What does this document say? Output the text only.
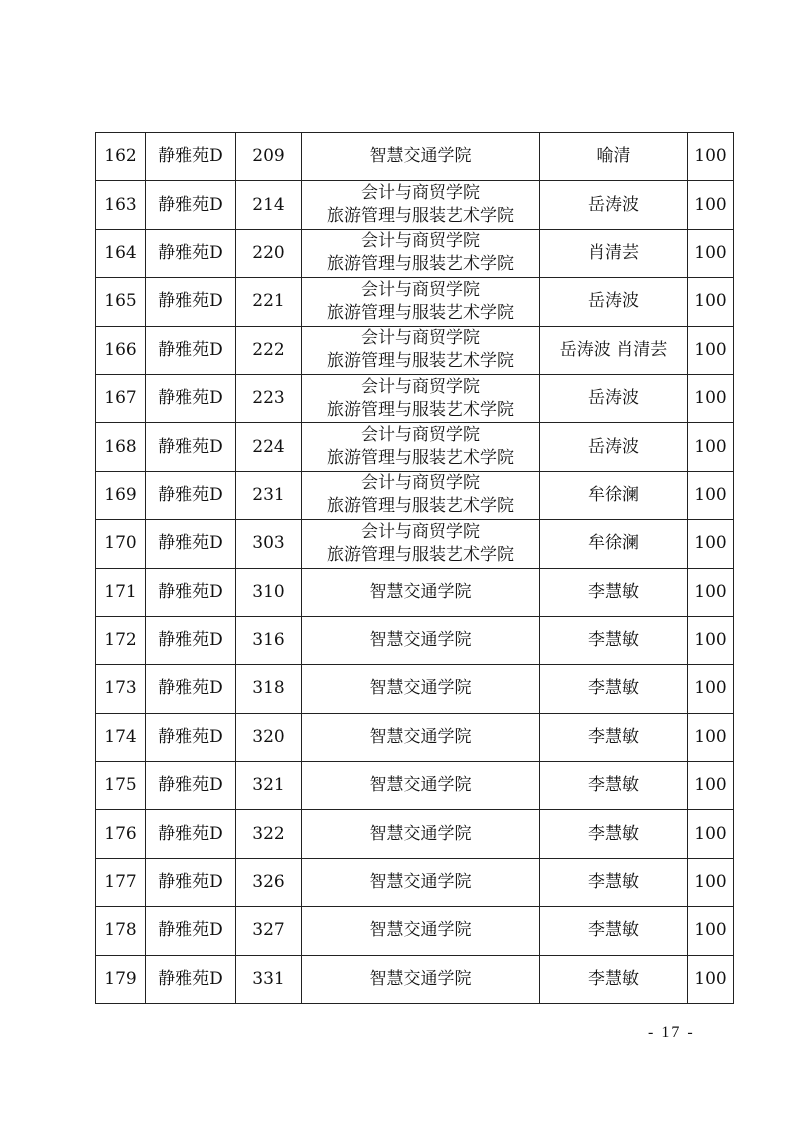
162	静雅苑D	209	智慧交通学院	喻清	100
163	静雅苑D	214	会计与商贸学院
旅游管理与服装艺术学院	岳涛波	100
164	静雅苑D	220	会计与商贸学院
旅游管理与服装艺术学院	肖清芸	100
165	静雅苑D	221	会计与商贸学院
旅游管理与服装艺术学院	岳涛波	100
166	静雅苑D	222	会计与商贸学院
旅游管理与服装艺术学院	岳涛波 肖清芸	100
167	静雅苑D	223	会计与商贸学院
旅游管理与服装艺术学院	岳涛波	100
168	静雅苑D	224	会计与商贸学院
旅游管理与服装艺术学院	岳涛波	100
169	静雅苑D	231	会计与商贸学院
旅游管理与服装艺术学院	牟徐澜	100
170	静雅苑D	303	会计与商贸学院
旅游管理与服装艺术学院	牟徐澜	100
171	静雅苑D	310	智慧交通学院	李慧敏	100
172	静雅苑D	316	智慧交通学院	李慧敏	100
173	静雅苑D	318	智慧交通学院	李慧敏	100
174	静雅苑D	320	智慧交通学院	李慧敏	100
175	静雅苑D	321	智慧交通学院	李慧敏	100
176	静雅苑D	322	智慧交通学院	李慧敏	100
177	静雅苑D	326	智慧交通学院	李慧敏	100
178	静雅苑D	327	智慧交通学院	李慧敏	100
179	静雅苑D	331	智慧交通学院	李慧敏	100
- 17 -
